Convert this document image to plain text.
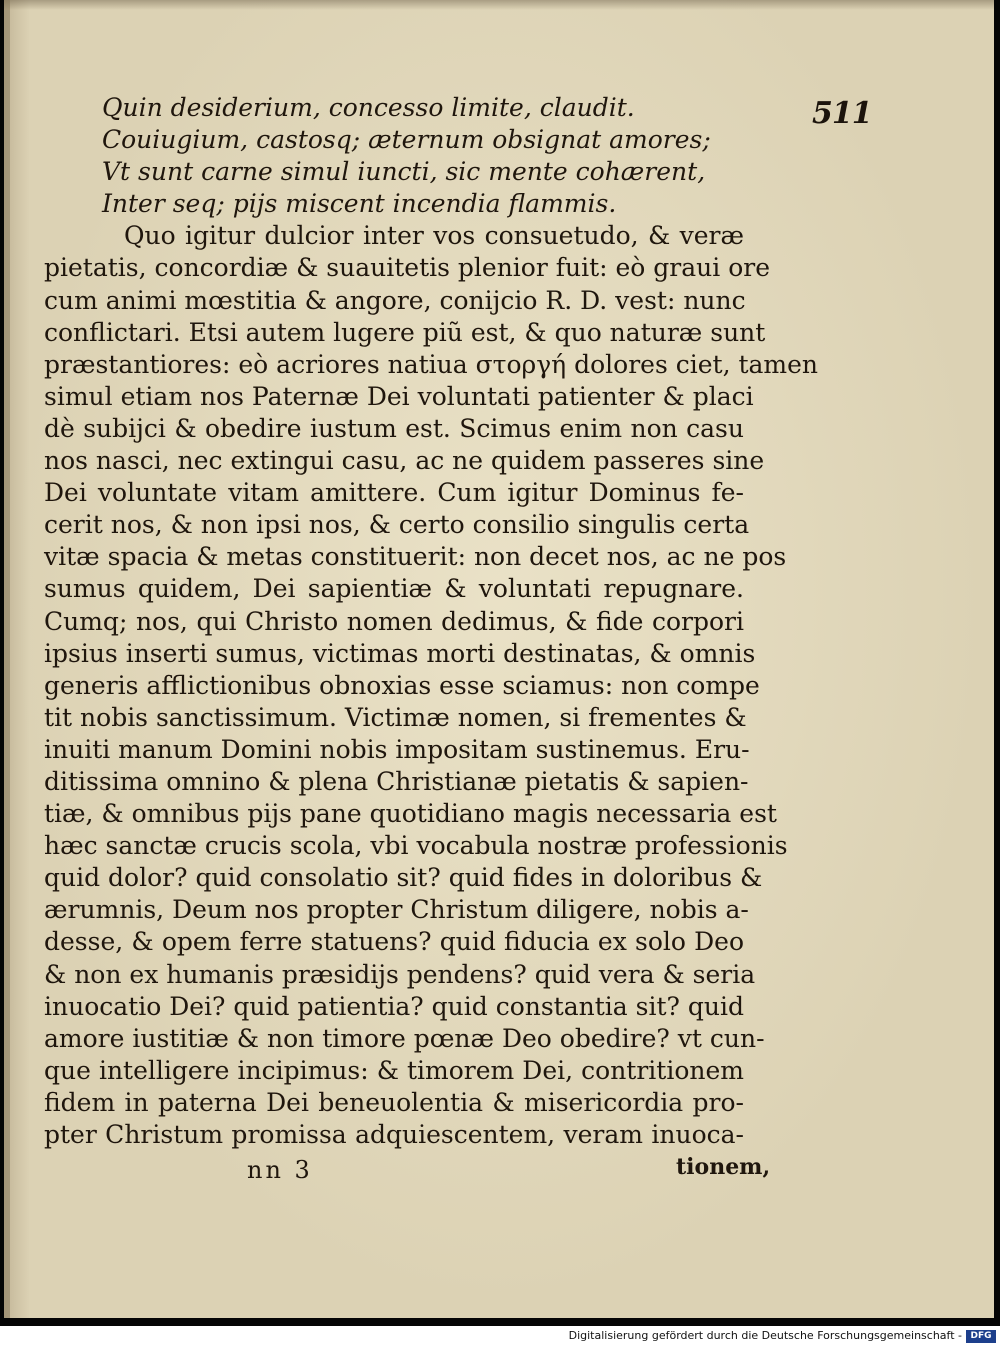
511
Quin desiderium, concesso limite, claudit.
Couiugium, castosq; æternum obsignat amores;
Vt sunt carne simul iuncti, sic mente cohærent,
Inter seq; pijs miscent incendia flammis.
Quo igitur dulcior inter vos consuetudo, & veræ
pietatis, concordiæ & suauitetis plenior fuit: eò graui ore
cum animi mœstitia & angore, conijcio R. D. vest: nunc
conflictari. Etsi autem lugere piũ est, & quo naturæ sunt
præstantiores: eò acriores natiua στοργή dolores ciet, tamen
simul etiam nos Paternæ Dei voluntati patienter & placi
dè subijci & obedire iustum est. Scimus enim non casu
nos nasci, nec extingui casu, ac ne quidem passeres sine
Dei voluntate vitam amittere. Cum igitur Dominus fe-
cerit nos, & non ipsi nos, & certo consilio singulis certa
vitæ spacia & metas constituerit: non decet nos, ac ne pos
sumus quidem, Dei sapientiæ & voluntati repugnare.
Cumq; nos, qui Christo nomen dedimus, & fide corpori
ipsius inserti sumus, victimas morti destinatas, & omnis
generis afflictionibus obnoxias esse sciamus: non compe
tit nobis sanctissimum. Victimæ nomen, si frementes &
inuiti manum Domini nobis impositam sustinemus. Eru-
ditissima omnino & plena Christianæ pietatis & sapien-
tiæ, & omnibus pijs pane quotidiano magis necessaria est
hæc sanctæ crucis scola, vbi vocabula nostræ professionis
quid dolor? quid consolatio sit? quid fides in doloribus &
ærumnis, Deum nos propter Christum diligere, nobis a-
desse, & opem ferre statuens? quid fiducia ex solo Deo
& non ex humanis præsidijs pendens? quid vera & seria
inuocatio Dei? quid patientia? quid constantia sit? quid
amore iustitiæ & non timore pœnæ Deo obedire? vt cun-
que intelligere incipimus: & timorem Dei, contritionem
fidem in paterna Dei beneuolentia & misericordia pro-
pter Christum promissa adquiescentem, veram inuoca-
nn 3	tionem,
Digitalisierung gefördert durch die Deutsche Forschungsgemeinschaft - DFG
